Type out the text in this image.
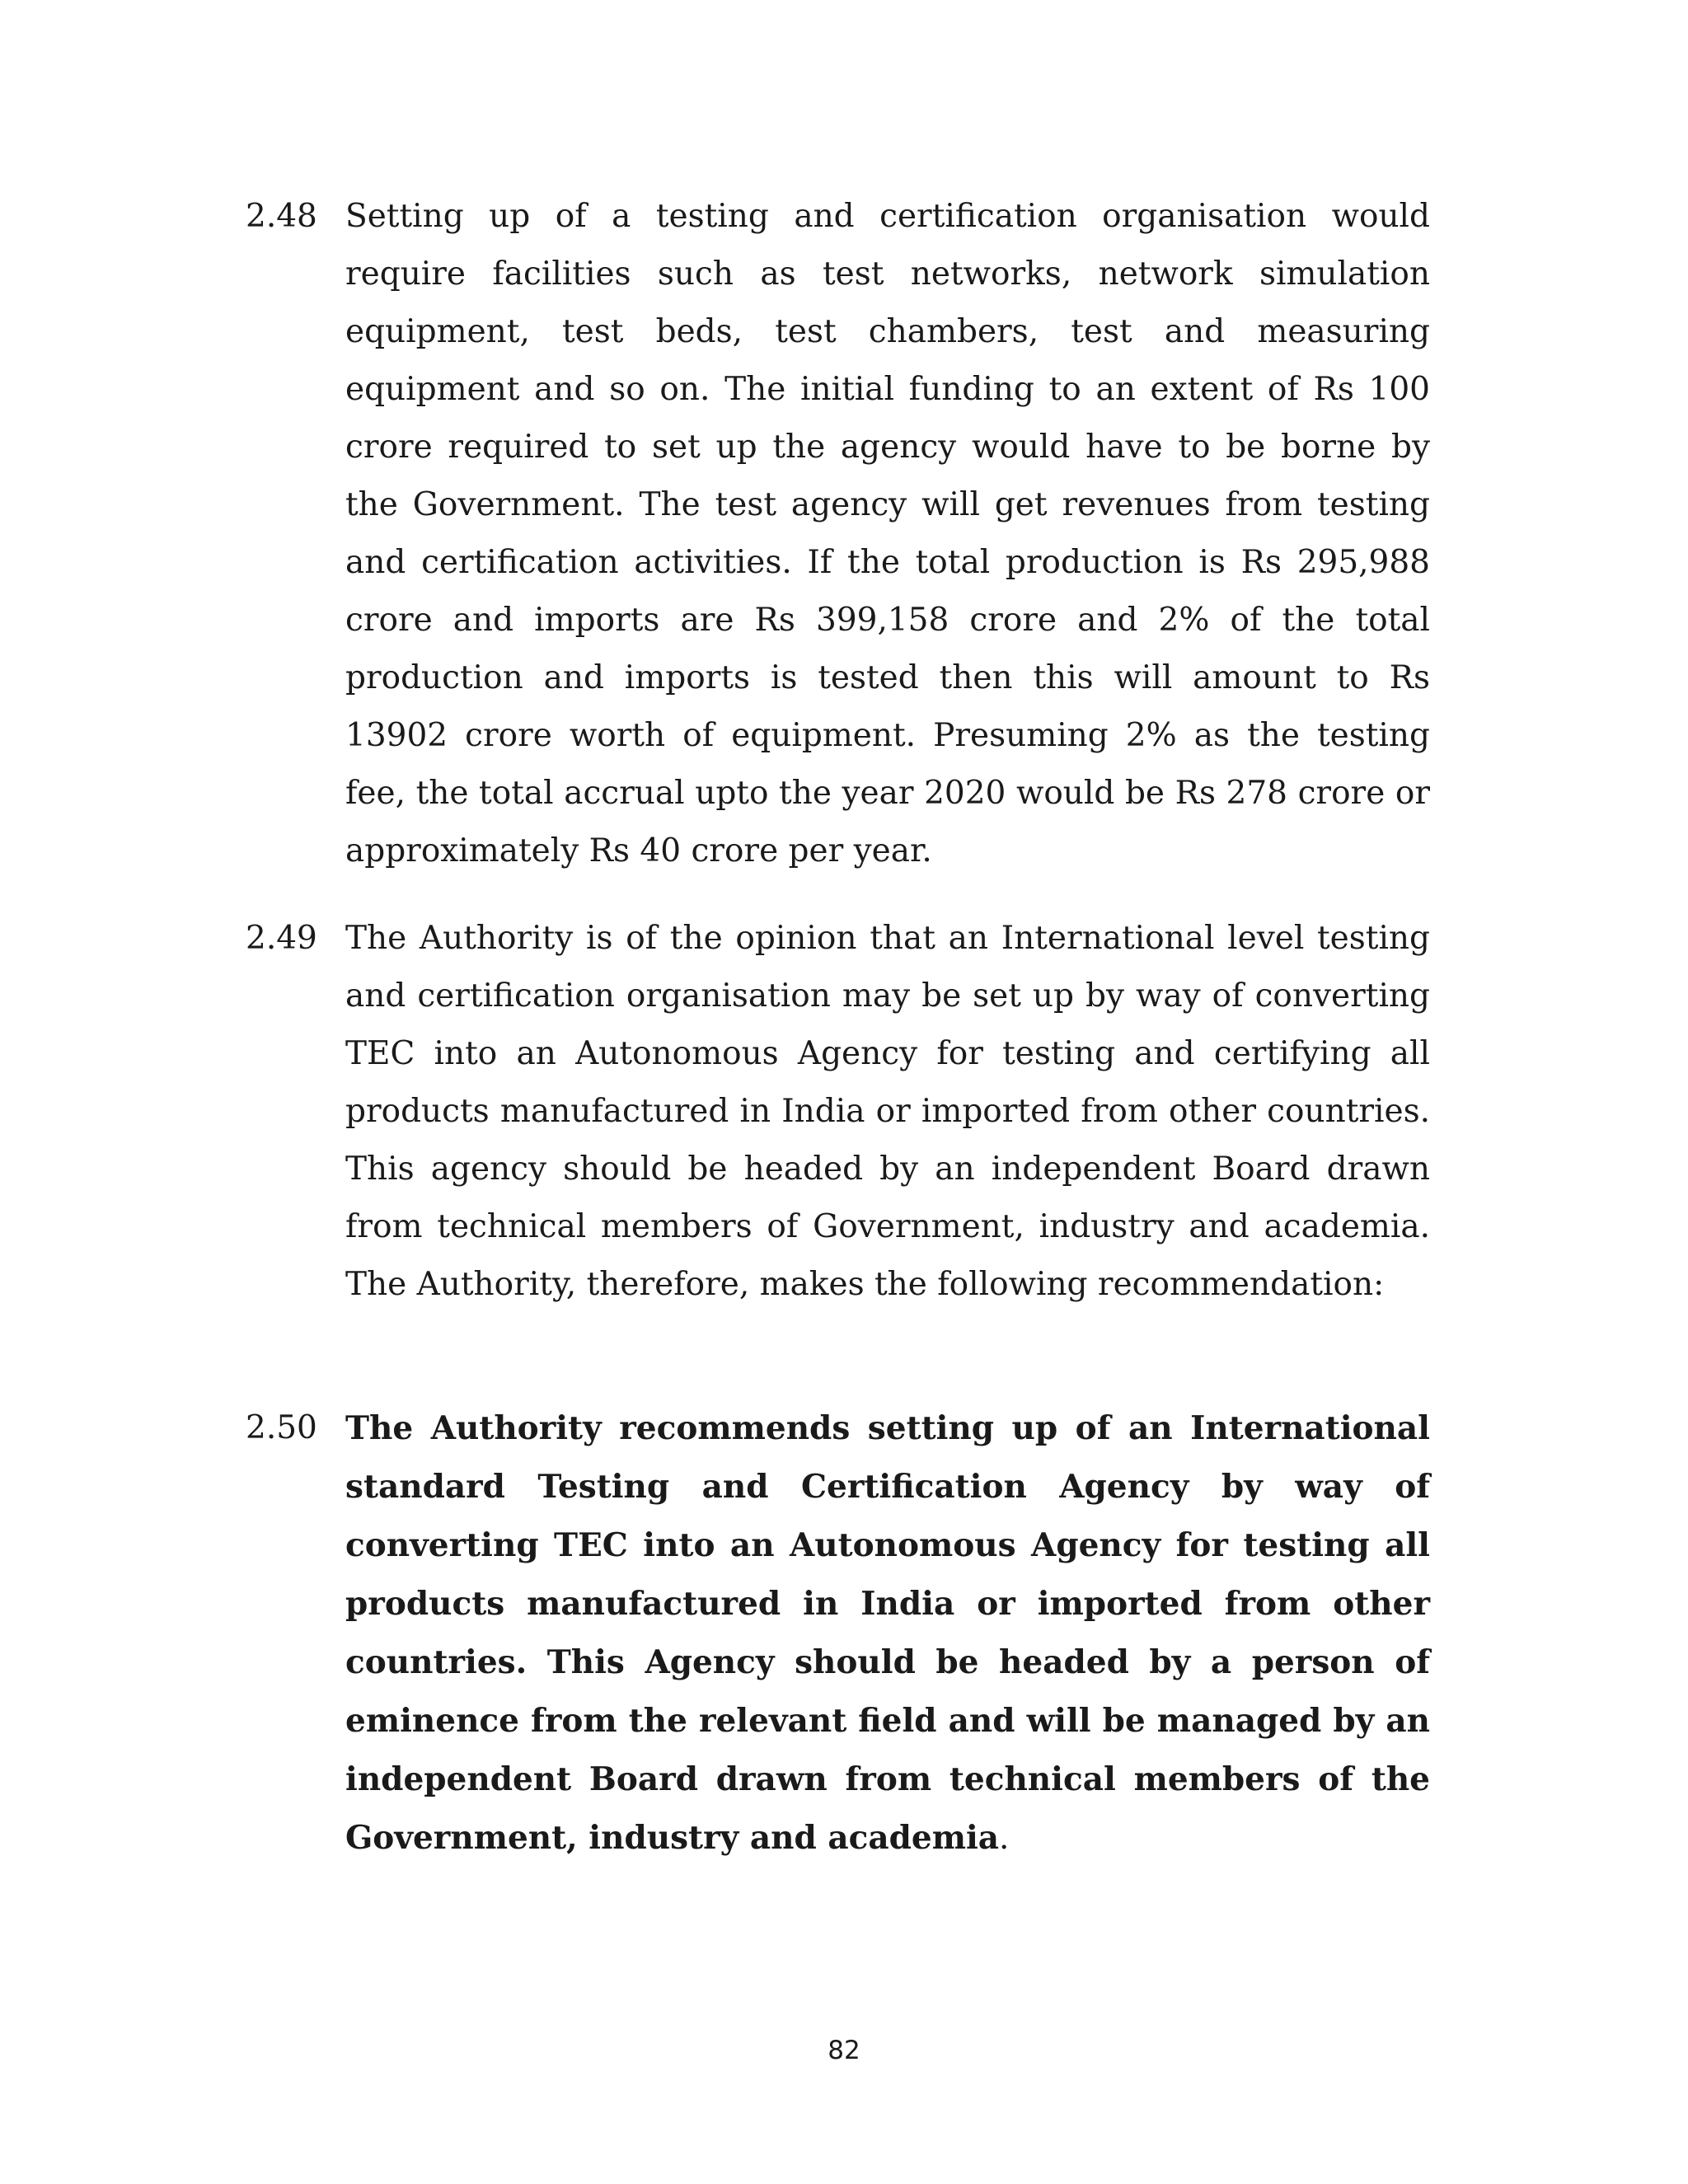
2.48 Setting up of a testing and certification organisation would require facilities such as test networks, network simulation equipment, test beds, test chambers, test and measuring equipment and so on. The initial funding to an extent of Rs 100 crore required to set up the agency would have to be borne by the Government. The test agency will get revenues from testing and certification activities. If the total production is Rs 295,988 crore and imports are Rs 399,158 crore and 2% of the total production and imports is tested then this will amount to Rs 13902 crore worth of equipment. Presuming 2% as the testing fee, the total accrual upto the year 2020 would be Rs 278 crore or approximately Rs 40 crore per year.
2.49 The Authority is of the opinion that an International level testing and certification organisation may be set up by way of converting TEC into an Autonomous Agency for testing and certifying all products manufactured in India or imported from other countries. This agency should be headed by an independent Board drawn from technical members of Government, industry and academia. The Authority, therefore, makes the following recommendation:
2.50 The Authority recommends setting up of an International standard Testing and Certification Agency by way of converting TEC into an Autonomous Agency for testing all products manufactured in India or imported from other countries. This Agency should be headed by a person of eminence from the relevant field and will be managed by an independent Board drawn from technical members of the Government, industry and academia.
82
